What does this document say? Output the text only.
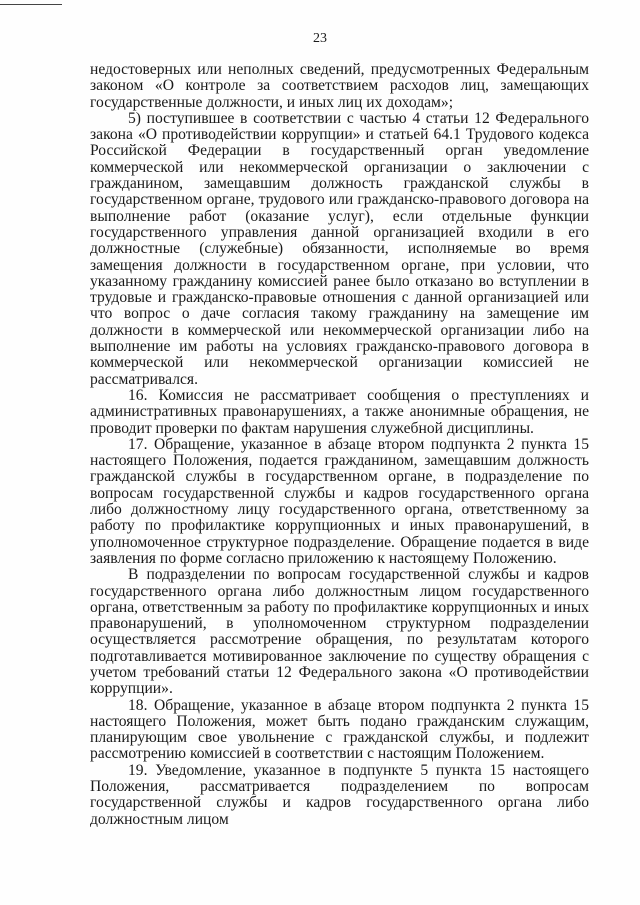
23

недостоверных или неполных сведений, предусмотренных Федеральным законом «О контроле за соответствием расходов лиц, замещающих государственные должности, и иных лиц их доходам»;

5) поступившее в соответствии с частью 4 статьи 12 Федерального закона «О противодействии коррупции» и статьей 64.1 Трудового кодекса Российской Федерации в государственный орган уведомление коммерческой или некоммерческой организации о заключении с гражданином, замещавшим должность гражданской службы в государственном органе, трудового или гражданско-правового договора на выполнение работ (оказание услуг), если отдельные функции государственного управления данной организацией входили в его должностные (служебные) обязанности, исполняемые во время замещения должности в государственном органе, при условии, что указанному гражданину комиссией ранее было отказано во вступлении в трудовые и гражданско-правовые отношения с данной организацией или что вопрос о даче согласия такому гражданину на замещение им должности в коммерческой или некоммерческой организации либо на выполнение им работы на условиях гражданско-правового договора в коммерческой или некоммерческой организации комиссией не рассматривался.

16. Комиссия не рассматривает сообщения о преступлениях и административных правонарушениях, а также анонимные обращения, не проводит проверки по фактам нарушения служебной дисциплины.

17. Обращение, указанное в абзаце втором подпункта 2 пункта 15 настоящего Положения, подается гражданином, замещавшим должность гражданской службы в государственном органе, в подразделение по вопросам государственной службы и кадров государственного органа либо должностному лицу государственного органа, ответственному за работу по профилактике коррупционных и иных правонарушений, в уполномоченное структурное подразделение. Обращение подается в виде заявления по форме согласно приложению к настоящему Положению.

В подразделении по вопросам государственной службы и кадров государственного органа либо должностным лицом государственного органа, ответственным за работу по профилактике коррупционных и иных правонарушений, в уполномоченном структурном подразделении осуществляется рассмотрение обращения, по результатам которого подготавливается мотивированное заключение по существу обращения с учетом требований статьи 12 Федерального закона «О противодействии коррупции».

18. Обращение, указанное в абзаце втором подпункта 2 пункта 15 настоящего Положения, может быть подано гражданским служащим, планирующим свое увольнение с гражданской службы, и подлежит рассмотрению комиссией в соответствии с настоящим Положением.

19. Уведомление, указанное в подпункте 5 пункта 15 настоящего Положения, рассматривается подразделением по вопросам государственной службы и кадров государственного органа либо должностным лицом
